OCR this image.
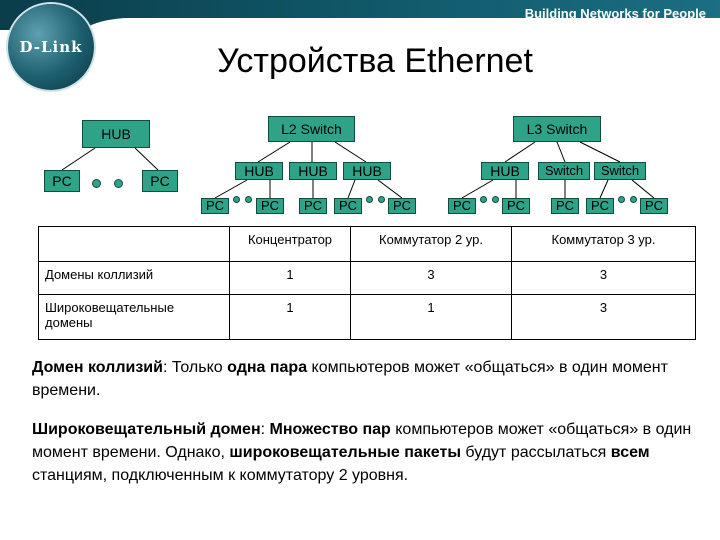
Building Networks for People
D-Link	Устройства Ethernet
HUB
PC	PC
L2 Switch
HUB	HUB	HUB
PC	PC	PC	PC	PC
L3 Switch
HUB	Switch	Switch
PC	PC	PC	PC	PC
	Концентратор	Коммутатор 2 ур.	Коммутатор 3 ур.
Домены коллизий	1	3	3
Широковещательные домены	1	1	3
Домен коллизий: Только одна пара компьютеров может «общаться» в один момент времени.
Широковещательный домен: Множество пар компьютеров может «общаться» в один момент времени. Однако, широковещательные пакеты будут рассылаться всем станциям, подключенным к коммутатору 2 уровня.
